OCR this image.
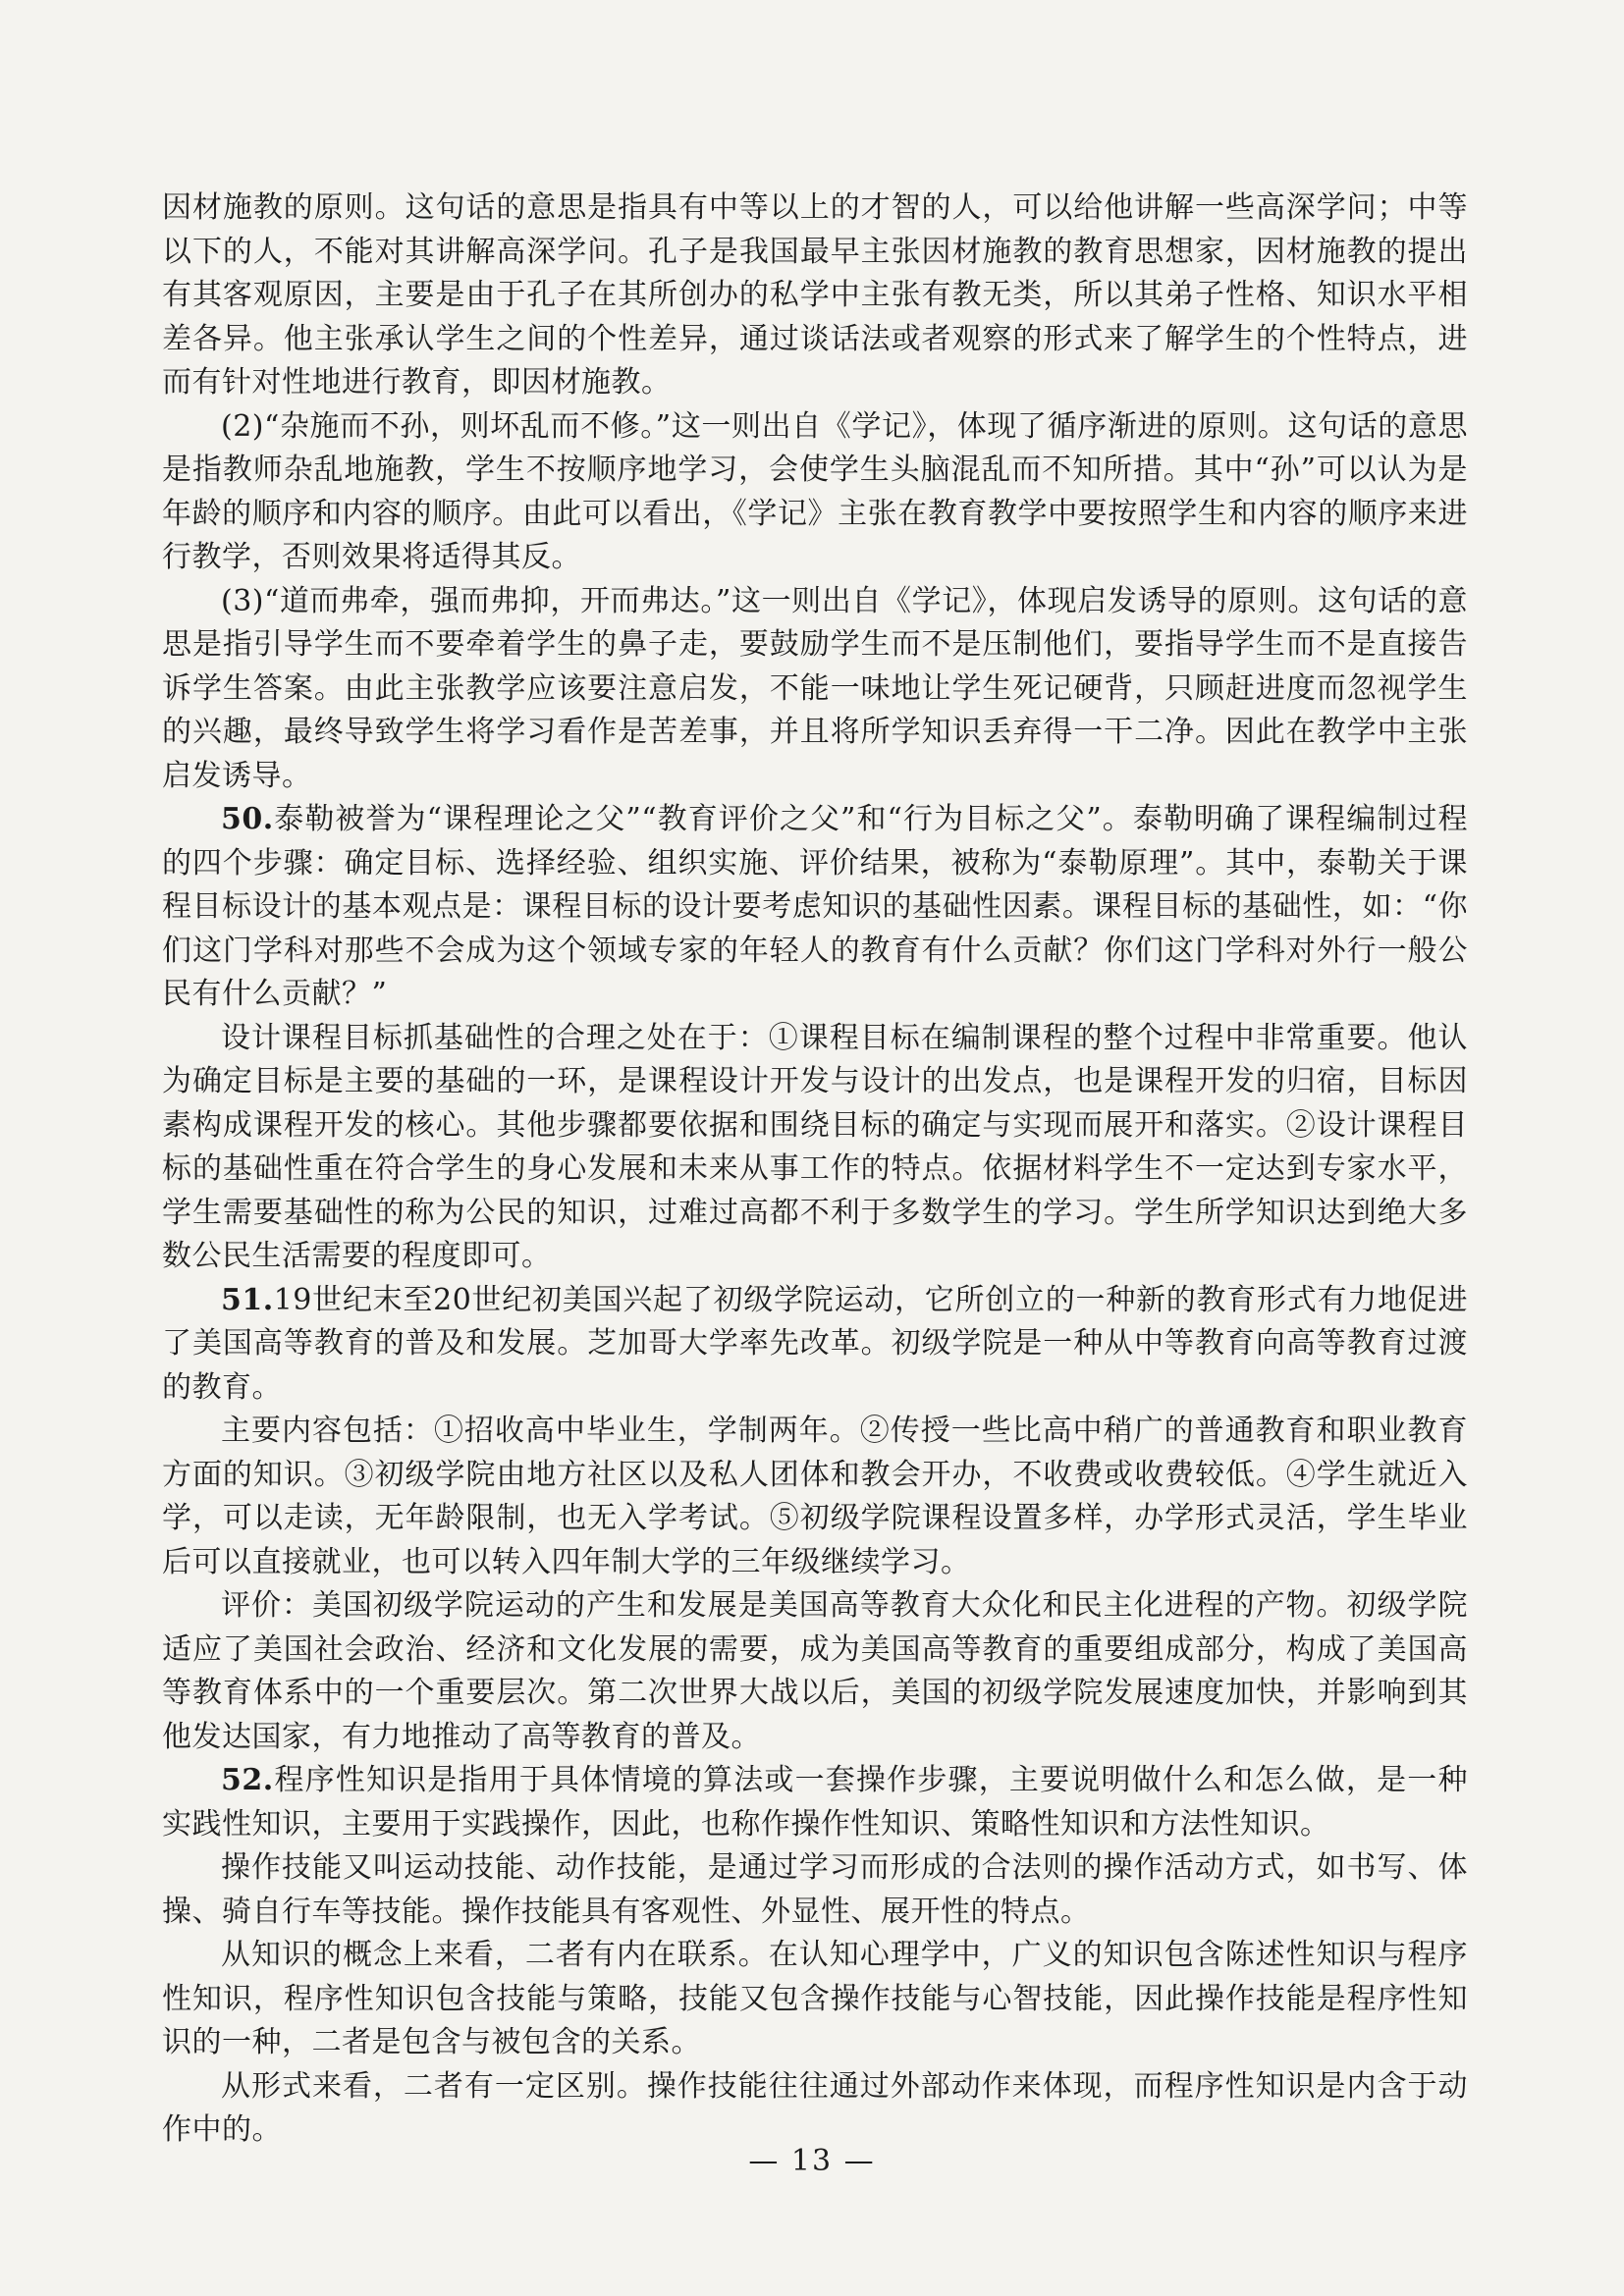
因材施教的原则。这句话的意思是指具有中等以上的才智的人，可以给他讲解一些高深学问；中等以下的人，不能对其讲解高深学问。孔子是我国最早主张因材施教的教育思想家，因材施教的提出有其客观原因，主要是由于孔子在其所创办的私学中主张有教无类，所以其弟子性格、知识水平相差各异。他主张承认学生之间的个性差异，通过谈话法或者观察的形式来了解学生的个性特点，进而有针对性地进行教育，即因材施教。

(2)“杂施而不孙，则坏乱而不修。”这一则出自《学记》，体现了循序渐进的原则。这句话的意思是指教师杂乱地施教，学生不按顺序地学习，会使学生头脑混乱而不知所措。其中“孙”可以认为是年龄的顺序和内容的顺序。由此可以看出，《学记》主张在教育教学中要按照学生和内容的顺序来进行教学，否则效果将适得其反。

(3)“道而弗牵，强而弗抑，开而弗达。”这一则出自《学记》，体现启发诱导的原则。这句话的意思是指引导学生而不要牵着学生的鼻子走，要鼓励学生而不是压制他们，要指导学生而不是直接告诉学生答案。由此主张教学应该要注意启发，不能一味地让学生死记硬背，只顾赶进度而忽视学生的兴趣，最终导致学生将学习看作是苦差事，并且将所学知识丢弃得一干二净。因此在教学中主张启发诱导。

50.泰勒被誉为“课程理论之父”“教育评价之父”和“行为目标之父”。泰勒明确了课程编制过程的四个步骤：确定目标、选择经验、组织实施、评价结果，被称为“泰勒原理”。其中，泰勒关于课程目标设计的基本观点是：课程目标的设计要考虑知识的基础性因素。课程目标的基础性，如：“你们这门学科对那些不会成为这个领域专家的年轻人的教育有什么贡献？你们这门学科对外行一般公民有什么贡献？”

设计课程目标抓基础性的合理之处在于：①课程目标在编制课程的整个过程中非常重要。他认为确定目标是主要的基础的一环，是课程设计开发与设计的出发点，也是课程开发的归宿，目标因素构成课程开发的核心。其他步骤都要依据和围绕目标的确定与实现而展开和落实。②设计课程目标的基础性重在符合学生的身心发展和未来从事工作的特点。依据材料学生不一定达到专家水平，学生需要基础性的称为公民的知识，过难过高都不利于多数学生的学习。学生所学知识达到绝大多数公民生活需要的程度即可。

51.19世纪末至20世纪初美国兴起了初级学院运动，它所创立的一种新的教育形式有力地促进了美国高等教育的普及和发展。芝加哥大学率先改革。初级学院是一种从中等教育向高等教育过渡的教育。

主要内容包括：①招收高中毕业生，学制两年。②传授一些比高中稍广的普通教育和职业教育方面的知识。③初级学院由地方社区以及私人团体和教会开办，不收费或收费较低。④学生就近入学，可以走读，无年龄限制，也无入学考试。⑤初级学院课程设置多样，办学形式灵活，学生毕业后可以直接就业，也可以转入四年制大学的三年级继续学习。

评价：美国初级学院运动的产生和发展是美国高等教育大众化和民主化进程的产物。初级学院适应了美国社会政治、经济和文化发展的需要，成为美国高等教育的重要组成部分，构成了美国高等教育体系中的一个重要层次。第二次世界大战以后，美国的初级学院发展速度加快，并影响到其他发达国家，有力地推动了高等教育的普及。

52.程序性知识是指用于具体情境的算法或一套操作步骤，主要说明做什么和怎么做，是一种实践性知识，主要用于实践操作，因此，也称作操作性知识、策略性知识和方法性知识。

操作技能又叫运动技能、动作技能，是通过学习而形成的合法则的操作活动方式，如书写、体操、骑自行车等技能。操作技能具有客观性、外显性、展开性的特点。

从知识的概念上来看，二者有内在联系。在认知心理学中，广义的知识包含陈述性知识与程序性知识，程序性知识包含技能与策略，技能又包含操作技能与心智技能，因此操作技能是程序性知识的一种，二者是包含与被包含的关系。

从形式来看，二者有一定区别。操作技能往往通过外部动作来体现，而程序性知识是内含于动作中的。

— 13 —
